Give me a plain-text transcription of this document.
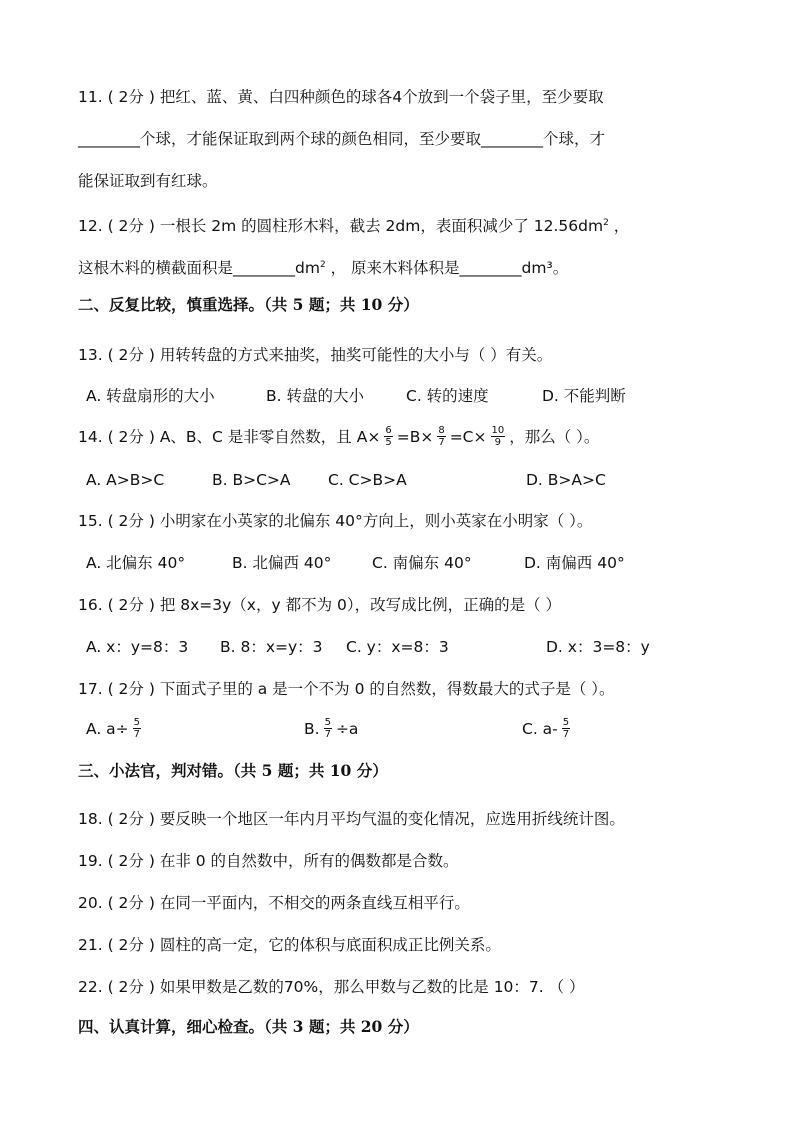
11. ( 2分 ) 把红、蓝、黄、白四种颜色的球各4个放到一个袋子里，至少要取
________个球，才能保证取到两个球的颜色相同，至少要取________个球，才
能保证取到有红球。
12. ( 2分 ) 一根长 2m 的圆柱形木料，截去 2dm，表面积减少了 $12.56dm^2$ ，
这根木料的横截面积是$\_\_\_\_\_\_\_\_dm^2$ ， 原来木料体积是________dm³。
二、反复比较，慎重选择。（共 5 题；共 10 分）
13. ( 2分 ) 用转转盘的方式来抽奖，抽奖可能性的大小与（ ）有关。
A. 转盘扇形的大小	B. 转盘的大小	C. 转的速度	D. 不能判断
14. ( 2分 ) A、B、C 是非零自然数，且 $A\times \frac{6}{5} =B\times \frac{8}{7} =C\times \frac{10}{9}$ ，那么（ ）。
A. A>B>C	B. B>C>A C. C>B>A	D. B>A>C
15. ( 2分 ) 小明家在小英家的北偏东 40°方向上，则小英家在小明家（ ）。
A. 北偏东 40°	B. 北偏西 40°	C. 南偏东 40°	D. 南偏西 40°
16. ( 2分 ) 把 8x=3y（x，y 都不为 0），改写成比例，正确的是（ ）
A. x：y=8：3 B. 8：x=y：3 C. y：x=8：3	D. x：3=8：y
17. ( 2分 ) 下面式子里的 a 是一个不为 0 的自然数，得数最大的式子是（ ）。
A. $a\div \frac{5}{7}$	B. $\frac{5}{7} \div a$	C. $a- \frac{5}{7}$
三、小法官，判对错。（共 5 题；共 10 分）
18. ( 2分 ) 要反映一个地区一年内月平均气温的变化情况，应选用折线统计图。
19. ( 2分 ) 在非 0 的自然数中，所有的偶数都是合数。
20. ( 2分 ) 在同一平面内，不相交的两条直线互相平行。
21. ( 2分 ) 圆柱的高一定，它的体积与底面积成正比例关系。
22. ( 2分 ) 如果甲数是乙数的70%，那么甲数与乙数的比是 10：7. （ ）
四、认真计算，细心检查。（共 3 题；共 20 分）
